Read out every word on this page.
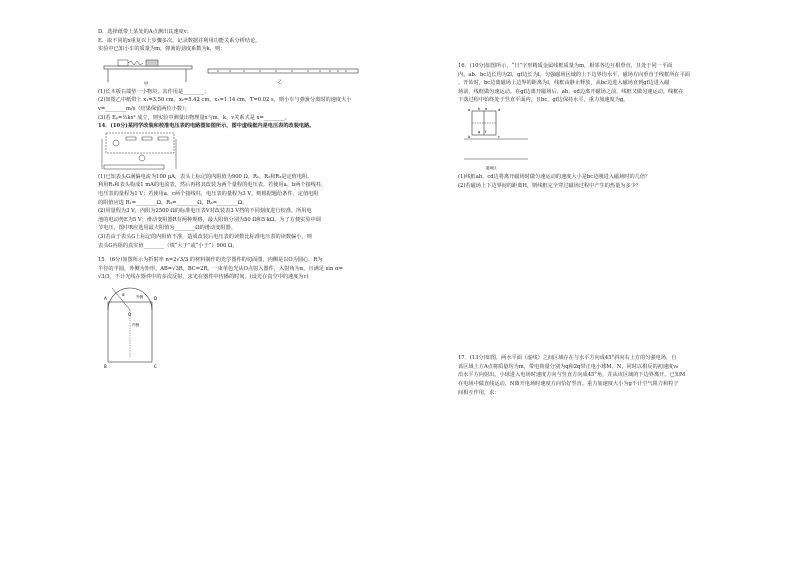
D．选择纸带上某处的A点测出其速度v；
E．取不同的x重复以上步骤多次，记录数据并利用功能关系分析结论。
实验中已知小车的质量为m，弹簧的劲度系数为k，则：
甲	乙
(1)长木板右端垫一小物块，其作用是________；
(2)如图乙中纸带上 x₁=3.50 cm，x₂=5.42 cm，x₃=1.14 cm，T=0.02 s，则小车与弹簧分离时的速度大小v=________m/s（结果保留两位小数）；
(3)若 Eₚ=½kx² 成立，则实验中测量出物理量x与m、k、v关系式是 x=________。
14．(10分)某同学改装和校准电压表的电路图如图所示，图中虚线框内是电压表的改装电路。
(1)已知表头G满偏电流为100 μA，表头上标记的内阻值为900 Ω。R₁、R₂和R₃是定值电阻。
利用R₁和表头构成1 mA的电流表，然后再将其改装为两个量程的电压表。若使用a、b两个接线柱，
电压表的量程为1 V；若使用a、c两个接线柱，电压表的量程为3 V。则根据题给条件，定值电阻
的阻值应选 R₁=________Ω，R₂=________Ω，R₃=________Ω。
(2)用量程为3 V，内阻为2500 Ω的标准电压表V对改装表3 V挡的不同刻度进行校准。所用电
池的电动势E为5 V；滑动变阻器R有两种规格，最大阻值分别为50 Ω和5 kΩ。为了方便实验中调
节电压，图中R应选用最大阻值为________Ω的滑动变阻器。
(3)若由于表头G上标记的内阻值不准，造成改装后电压表的读数比标准电压表的读数偏小，则
表头G内阻的真实值________（填“大于”或“小于”）900 Ω。
15．(6分)如图所示为折射率 n=2√3/3 的材料制作的光学器件的切面图，内侧是以O为圆心，R为
半径的半圆，外侧为矩形，AB=√3R，BC=2R。一束单色光从O点射入器件，入射角为α，且满足 sin α=
√3/3，不计光线在器件中的多次反射，求光在器件中传播的时间。(设光在真空中的速度为c)
A	D
B	C
O
α	外侧
内侧
16．(10分)如图所示，“日”字形精质金属线框质量为m，相邻各边互相垂直，且处于同一平面
内，ab、bc边长均为2l，gf边长为l。匀强磁场区域的上下边界均水平，磁场方向垂直于线框所在平面
。开始时，bc边离磁场上边界的距离为l，线框由静止释放，从bc边进入磁场直到gf边进入磁
场前，线框做匀速运动。在gf边离开磁场后，ah、ed边离开磁场之前，线框又做匀速运动。线框在
下落过程中始终处于竖直平面内，且bc、gf边保持水平，重力加速度为g。
a
b	c
d
e
f
g
h
磁场区
(1)线框ab、cd边将离开磁场时做匀速运动的速度大小是bc边刚进入磁场时的几倍？
(2)若磁场上下边界间的距离H，则线框完全穿过磁场过程中产生的热量为多少？
17．(13分)如图，两水平面（虚线）之间区域存在与水平方向成45°斜向右上方的匀强电场，自
该区域上方A点将质量均为m，带电荷量分别为q和2q带正电小球M、N，同时以相反的初速度v₀
沿水平方向射出。小球进入电场时速度方向与竖直方向成45°角，并从该区域的下边界离开。已知M
在电场中做直线运动，N离开电场时速度方向恰好竖直。重力加速度大小为g不计空气阻力和粒子
间相互作用，求：
